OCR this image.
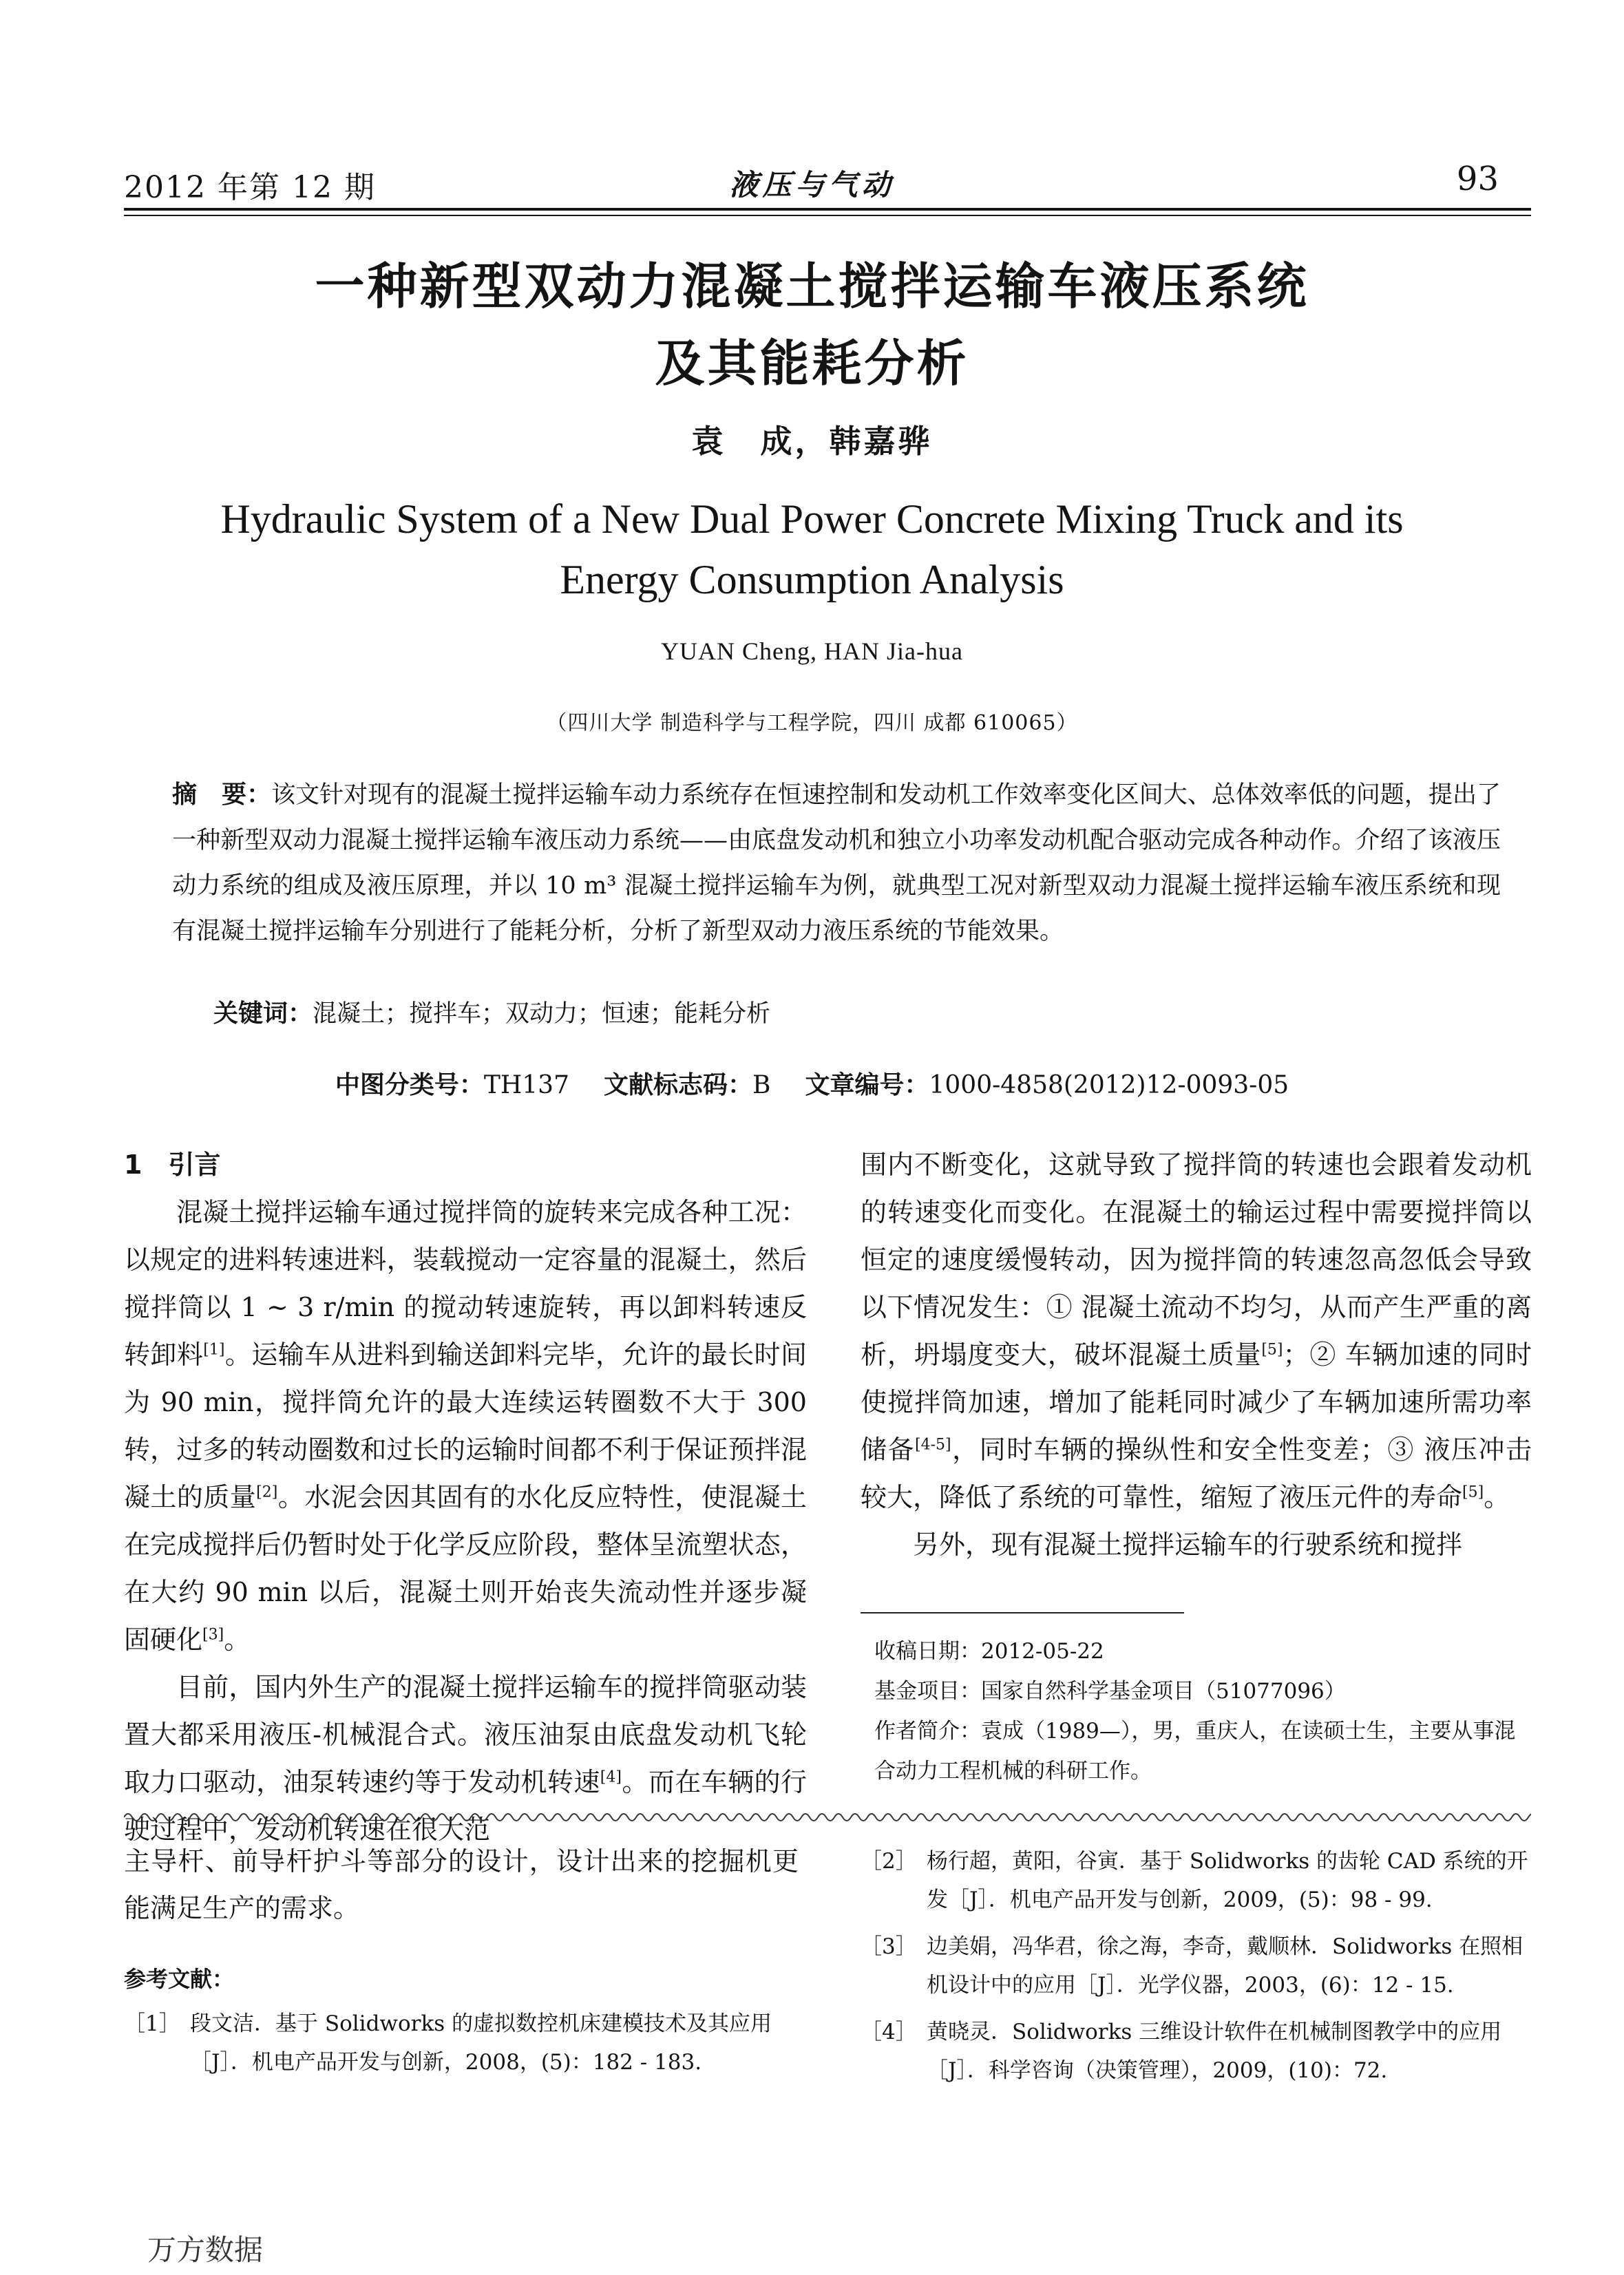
2012 年第 12 期	液压与气动	93
一种新型双动力混凝土搅拌运输车液压系统
及其能耗分析
袁　成，韩嘉骅
Hydraulic System of a New Dual Power Concrete Mixing Truck and its
Energy Consumption Analysis
YUAN Cheng, HAN Jia-hua
（四川大学 制造科学与工程学院，四川 成都 610065）
摘　要：该文针对现有的混凝土搅拌运输车动力系统存在恒速控制和发动机工作效率变化区间大、总体效率低的问题，提出了一种新型双动力混凝土搅拌运输车液压动力系统——由底盘发动机和独立小功率发动机配合驱动完成各种动作。介绍了该液压动力系统的组成及液压原理，并以 10 m³ 混凝土搅拌运输车为例，就典型工况对新型双动力混凝土搅拌运输车液压系统和现有混凝土搅拌运输车分别进行了能耗分析，分析了新型双动力液压系统的节能效果。
关键词：混凝土；搅拌车；双动力；恒速；能耗分析
中图分类号：TH137 文献标志码：B 文章编号：1000-4858(2012)12-0093-05
1　引言

混凝土搅拌运输车通过搅拌筒的旋转来完成各种工况：以规定的进料转速进料，装载搅动一定容量的混凝土，然后搅拌筒以 1 ~ 3 r/min 的搅动转速旋转，再以卸料转速反转卸料[1]。运输车从进料到输送卸料完毕，允许的最长时间为 90 min，搅拌筒允许的最大连续运转圈数不大于 300 转，过多的转动圈数和过长的运输时间都不利于保证预拌混凝土的质量[2]。水泥会因其固有的水化反应特性，使混凝土在完成搅拌后仍暂时处于化学反应阶段，整体呈流塑状态，在大约 90 min 以后，混凝土则开始丧失流动性并逐步凝固硬化[3]。

目前，国内外生产的混凝土搅拌运输车的搅拌筒驱动装置大都采用液压-机械混合式。液压油泵由底盘发动机飞轮取力口驱动，油泵转速约等于发动机转速[4]。而在车辆的行驶过程中，发动机转速在很大范

围内不断变化，这就导致了搅拌筒的转速也会跟着发动机的转速变化而变化。在混凝土的输运过程中需要搅拌筒以恒定的速度缓慢转动，因为搅拌筒的转速忽高忽低会导致以下情况发生：① 混凝土流动不均匀，从而产生严重的离析，坍塌度变大，破坏混凝土质量[5]；② 车辆加速的同时使搅拌筒加速，增加了能耗同时减少了车辆加速所需功率储备[4-5]，同时车辆的操纵性和安全性变差；③ 液压冲击较大，降低了系统的可靠性，缩短了液压元件的寿命[5]。

另外，现有混凝土搅拌运输车的行驶系统和搅拌

收稿日期：2012-05-22

基金项目：国家自然科学基金项目（51077096）

作者简介：袁成（1989—），男，重庆人，在读硕士生，主要从事混合动力工程机械的科研工作。

主导杆、前导杆护斗等部分的设计，设计出来的挖掘机更能满足生产的需求。
参考文献：
［1］ 段文洁．基于 Solidworks 的虚拟数控机床建模技术及其应用［J］．机电产品开发与创新，2008，(5)：182 - 183.
［2］ 杨行超，黄阳，谷寅．基于 Solidworks 的齿轮 CAD 系统的开发［J］．机电产品开发与创新，2009，(5)：98 - 99.
［3］ 边美娟，冯华君，徐之海，李奇，戴顺林．Solidworks 在照相机设计中的应用［J］．光学仪器，2003，(6)：12 - 15.
［4］ 黄晓灵．Solidworks 三维设计软件在机械制图教学中的应用［J］．科学咨询（决策管理），2009，(10)：72.
万方数据
